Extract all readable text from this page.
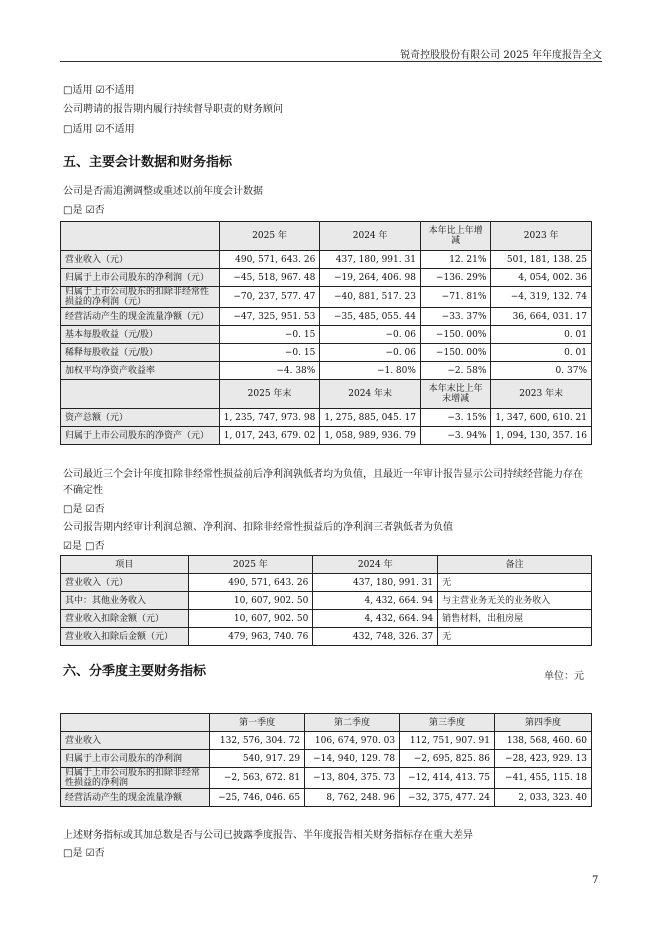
锐奇控股股份有限公司 2025 年年度报告全文
□适用 ☑不适用
公司聘请的报告期内履行持续督导职责的财务顾问
□适用 ☑不适用
五、主要会计数据和财务指标
公司是否需追溯调整或重述以前年度会计数据
□是 ☑否
	2025 年	2024 年	本年比上年增减	2023 年
营业收入（元）	490, 571, 643. 26	437, 180, 991. 31	12. 21%	501, 181, 138. 25
归属于上市公司股东的净利润（元）	−45, 518, 967. 48	−19, 264, 406. 98	−136. 29%	4, 054, 002. 36
归属于上市公司股东的扣除非经常性损益的净利润（元）	−70, 237, 577. 47	−40, 881, 517. 23	−71. 81%	−4, 319, 132. 74
经营活动产生的现金流量净额（元）	−47, 325, 951. 53	−35, 485, 055. 44	−33. 37%	36, 664, 031. 17
基本每股收益（元/股）	−0. 15	−0. 06	−150. 00%	0. 01
稀释每股收益（元/股）	−0. 15	−0. 06	−150. 00%	0. 01
加权平均净资产收益率	−4. 38%	−1. 80%	−2. 58%	0. 37%
	2025 年末	2024 年末	本年末比上年末增减	2023 年末
资产总额（元）	1, 235, 747, 973. 98	1, 275, 885, 045. 17	−3. 15%	1, 347, 600, 610. 21
归属于上市公司股东的净资产（元）	1, 017, 243, 679. 02	1, 058, 989, 936. 79	−3. 94%	1, 094, 130, 357. 16
公司最近三个会计年度扣除非经常性损益前后净利润孰低者均为负值，且最近一年审计报告显示公司持续经营能力存在
不确定性
□是 ☑否
公司报告期内经审计利润总额、净利润、扣除非经常性损益后的净利润三者孰低者为负值
☑是 □否
项目	2025 年	2024 年	备注
营业收入（元）	490, 571, 643. 26	437, 180, 991. 31	无
其中：其他业务收入	10, 607, 902. 50	4, 432, 664. 94	与主营业务无关的业务收入
营业收入扣除金额（元）	10, 607, 902. 50	4, 432, 664. 94	销售材料，出租房屋
营业收入扣除后金额（元）	479, 963, 740. 76	432, 748, 326. 37	无
六、分季度主要财务指标	单位：元
	第一季度	第二季度	第三季度	第四季度
营业收入	132, 576, 304. 72	106, 674, 970. 03	112, 751, 907. 91	138, 568, 460. 60
归属于上市公司股东的净利润	540, 917. 29	−14, 940, 129. 78	−2, 695, 825. 86	−28, 423, 929. 13
归属于上市公司股东的扣除非经常性损益的净利润	−2, 563, 672. 81	−13, 804, 375. 73	−12, 414, 413. 75	−41, 455, 115. 18
经营活动产生的现金流量净额	−25, 746, 046. 65	8, 762, 248. 96	−32, 375, 477. 24	2, 033, 323. 40
上述财务指标或其加总数是否与公司已披露季度报告、半年度报告相关财务指标存在重大差异
□是 ☑否
7
